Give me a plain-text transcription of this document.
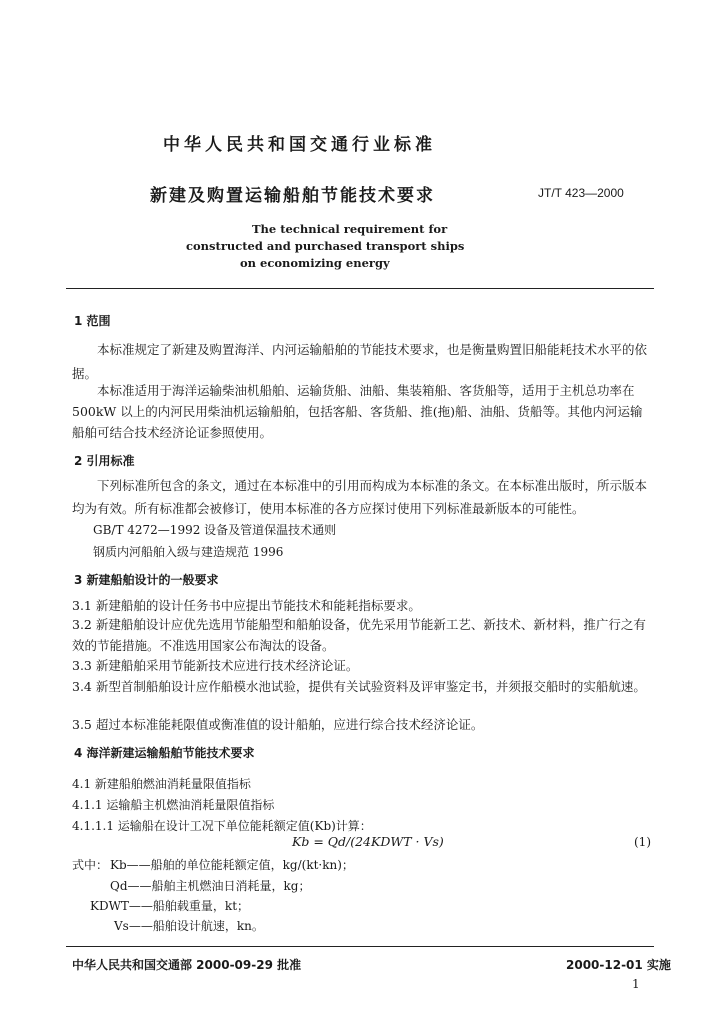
中华人民共和国交通行业标准
新建及购置运输船舶节能技术要求	JT/T 423—2000
The technical requirement for
constructed and purchased transport ships
on economizing energy
1 范围
本标准规定了新建及购置海洋、内河运输船舶的节能技术要求，也是衡量购置旧船能耗技术水平的依据。
本标准适用于海洋运输柴油机船舶、运输货船、油船、集装箱船、客货船等，适用于主机总功率在500kW 以上的内河民用柴油机运输船舶，包括客船、客货船、推(拖)船、油船、货船等。其他内河运输船舶可结合技术经济论证参照使用。
2 引用标准
下列标准所包含的条文，通过在本标准中的引用而构成为本标准的条文。在本标准出版时，所示版本均为有效。所有标准都会被修订，使用本标准的各方应探讨使用下列标准最新版本的可能性。
GB/T 4272—1992 设备及管道保温技术通则
钢质内河船舶入级与建造规范 1996
3 新建船舶设计的一般要求
3.1 新建船舶的设计任务书中应提出节能技术和能耗指标要求。
3.2 新建船舶设计应优先选用节能船型和船舶设备，优先采用节能新工艺、新技术、新材料，推广行之有效的节能措施。不准选用国家公布淘汰的设备。
3.3 新建船舶采用节能新技术应进行技术经济论证。
3.4 新型首制船舶设计应作船模水池试验，提供有关试验资料及评审鉴定书，并须报交船时的实船航速。
3.5 超过本标准能耗限值或衡准值的设计船舶，应进行综合技术经济论证。
4 海洋新建运输船舶节能技术要求
4.1 新建船舶燃油消耗量限值指标
4.1.1 运输船主机燃油消耗量限值指标
4.1.1.1 运输船在设计工况下单位能耗额定值(Kb)计算：
Kb = Qd/(24KDWT · Vs)	(1)
式中： Kb——船舶的单位能耗额定值，kg/(kt·kn)；
Qd——船舶主机燃油日消耗量，kg；
KDWT——船舶载重量，kt；
Vs——船舶设计航速，kn。
中华人民共和国交通部 2000-09-29 批准	2000-12-01 实施
1
